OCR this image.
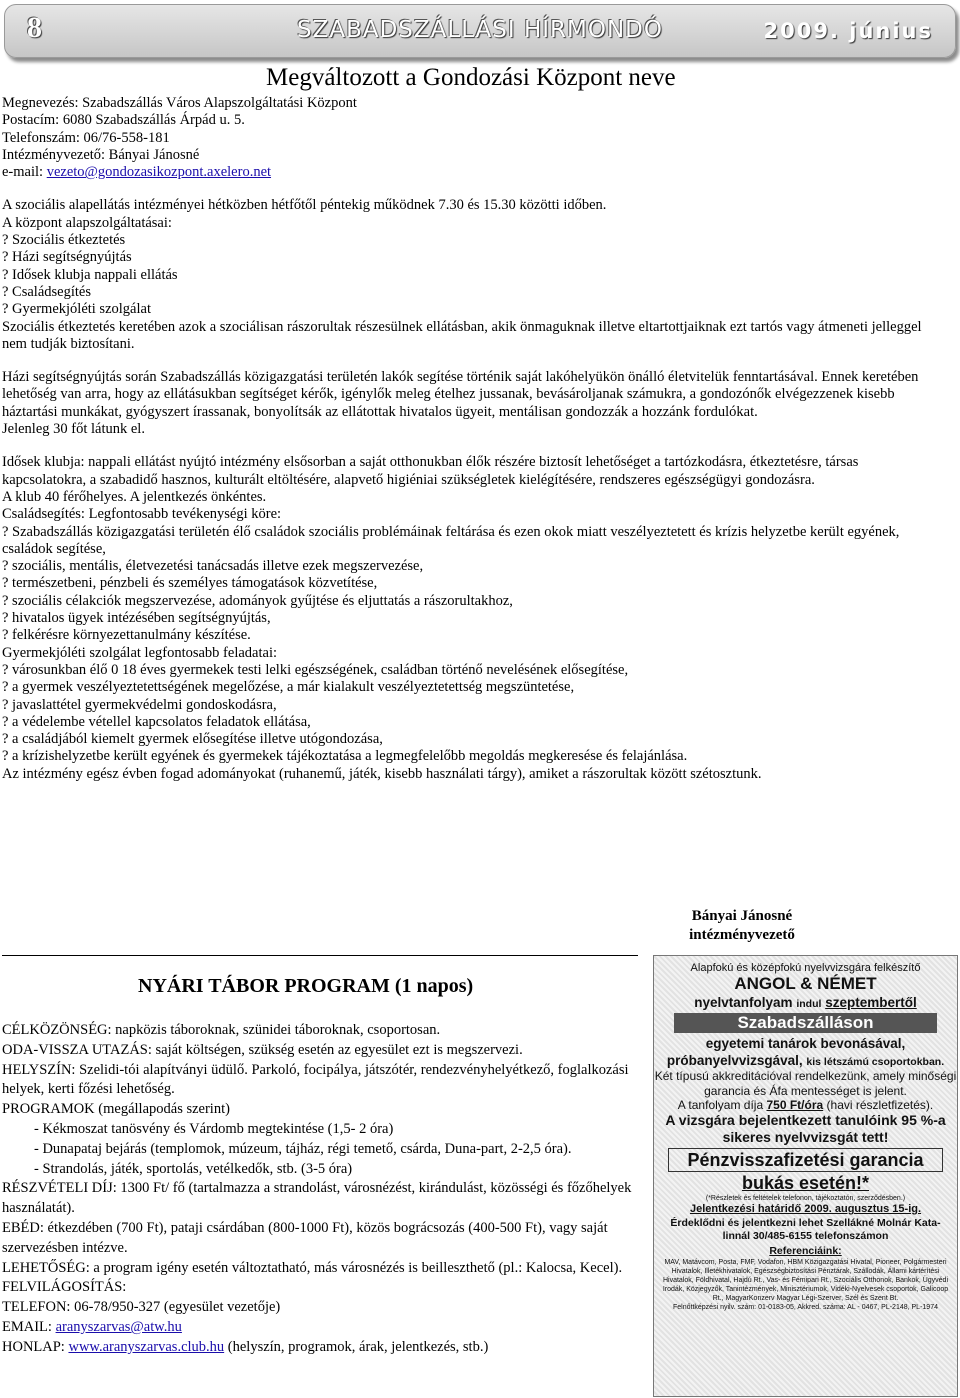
8	SZABADSZÁLLÁSI HÍRMONDÓ	2009. június
Megváltozott a Gondozási Központ neve

Megnevezés: Szabadszállás Város Alapszolgáltatási Központ

Postacím: 6080 Szabadszállás Árpád u. 5.

Telefonszám: 06/76-558-181

Intézményvezető: Bányai Jánosné

e-mail: vezeto@gondozasikozpont.axelero.net

A szociális alapellátás intézményei hétközben hétfőtől péntekig működnek 7.30 és 15.30 közötti időben.

A központ alapszolgáltatásai:

? Szociális étkeztetés

? Házi segítségnyújtás

? Idősek klubja nappali ellátás

? Családsegítés

? Gyermekjóléti szolgálat

Szociális étkeztetés keretében azok a szociálisan rászorultak részesülnek ellátásban, akik önmaguknak illetve eltartottjaiknak ezt tartós vagy átmeneti jelleggel nem tudják biztosítani.

Házi segítségnyújtás során Szabadszállás közigazgatási területén lakók segítése történik saját lakóhelyükön önálló életvitelük fenntartásával. Ennek keretében lehetőség van arra, hogy az ellátásukban segítséget kérők, igénylők meleg ételhez jussanak, bevásároljanak számukra, a gondozónők elvégezzenek kisebb háztartási munkákat, gyógyszert írassanak, bonyolítsák az ellátottak hivatalos ügyeit, mentálisan gondozzák a hozzánk fordulókat.

Jelenleg 30 főt látunk el.

Idősek klubja: nappali ellátást nyújtó intézmény elsősorban a saját otthonukban élők részére biztosít lehetőséget a tartózkodásra, étkeztetésre, társas kapcsolatokra, a szabadidő hasznos, kulturált eltöltésére, alapvető higiéniai szükségletek kielégítésére, rendszeres egészségügyi gondozásra.

A klub 40 férőhelyes. A jelentkezés önkéntes.

Családsegítés: Legfontosabb tevékenységi köre:

? Szabadszállás közigazgatási területén élő családok szociális problémáinak feltárása és ezen okok miatt veszélyeztetett és krízis helyzetbe került egyének, családok segítése,

? szociális, mentális, életvezetési tanácsadás illetve ezek megszervezése,

? természetbeni, pénzbeli és személyes támogatások közvetítése,

? szociális célakciók megszervezése, adományok gyűjtése és eljuttatás a rászorultakhoz,

? hivatalos ügyek intézésében segítségnyújtás,

? felkérésre környezettanulmány készítése.

Gyermekjóléti szolgálat legfontosabb feladatai:

? városunkban élő 0 18 éves gyermekek testi lelki egészségének, családban történő nevelésének elősegítése,

? a gyermek veszélyeztetettségének megelőzése, a már kialakult veszélyeztetettség megszüntetése,

? javaslattétel gyermekvédelmi gondoskodásra,

? a védelembe vétellel kapcsolatos feladatok ellátása,

? a családjából kiemelt gyermek elősegítése illetve utógondozása,

? a krízishelyzetbe került egyének és gyermekek tájékoztatása a legmegfelelőbb megoldás megkeresése és felajánlása.

Az intézmény egész évben fogad adományokat (ruhanemű, játék, kisebb használati tárgy), amiket a rászorultak között szétosztunk.

Bányai Jánosné
intézményvezető
NYÁRI TÁBOR PROGRAM (1 napos)

CÉLKÖZÖNSÉG: napközis táboroknak, szünidei táboroknak, csoportosan.

ODA-VISSZA UTAZÁS: saját költségen, szükség esetén az egyesület ezt is megszervezi.

HELYSZÍN: Szelidi-tói alapítványi üdülő. Parkoló, focipálya, játszótér, rendezvényhelyétkező, foglalkozási helyek, kerti főzési lehetőség.

PROGRAMOK (megállapodás szerint)

- Kékmoszat tanösvény és Várdomb megtekintése (1,5- 2 óra)

- Dunapataj bejárás (templomok, múzeum, tájház, régi temető, csárda, Duna-part, 2-2,5 óra).

- Strandolás, játék, sportolás, vetélkedők, stb. (3-5 óra)

RÉSZVÉTELI DÍJ: 1300 Ft/ fő (tartalmazza a strandolást, városnézést, kirándulást, közösségi és főzőhelyek használatát).

EBÉD: étkezdében (700 Ft), pataji csárdában (800-1000 Ft), közös bográcsozás (400-500 Ft), vagy saját szervezésben intézve.

LEHETŐSÉG: a program igény esetén változtatható, más városnézés is beilleszthető (pl.: Kalocsa, Kecel).

FELVILÁGOSÍTÁS:

TELEFON: 06-78/950-327 (egyesület vezetője)

EMAIL: aranyszarvas@atw.hu

HONLAP: www.aranyszarvas.club.hu (helyszín, programok, árak, jelentkezés, stb.)

Alapfokú és középfokú nyelvvizsgára felkészítő

ANGOL & NÉMET

nyelvtanfolyam indul szeptembertől

Szabadszálláson

egyetemi tanárok bevonásával,

próbanyelvvizsgával, kis létszámú csoportokban.

Két típusú akkreditációval rendelkezünk, amely minőségi garancia és Áfa mentességet is jelent.

A tanfolyam díja 750 Ft/óra (havi részletfizetés).

A vizsgára bejelentkezett tanulóink 95 %-a sikeres nyelvvizsgát tett!

Pénzvisszafizetési garancia

bukás esetén!*

(*Részletek és feltételek telefonon, tájékoztatón, szerződésben.)

Jelentkezési határidő 2009. augusztus 15-ig.

Érdeklődni és jelentkezni lehet Szellákné Molnár Kata-linnál 30/485-6155 telefonszámon

Referenciáink:

MAV, Matávcom, Posta, FMF, Vodafon, HBM Közigazgatási Hivatal, Pioneer, Polgármesteri Hivatalok, Illetékhivatalok, Egészségbiztosítási Pénztárak, Szállodák, Állami kártérítési Hivatalok, Földhivatal, Hajdú Rt., Vas- és Fémipari Rt., Szociális Otthonok, Bankok, Ügyvédi Irodák, Közjegyzők, Tanintézmények, Minisztériumok, Vidéki-Nyelvesek csoportok, Galicoop Rt., MagyarKonzerv Magyar Légi-Szerver, Szél és Szent Bt.

Felnőttképzési nyilv. szám: 01-0183-05, Akkred. száma: AL - 0467, PL-2148, PL-1974
